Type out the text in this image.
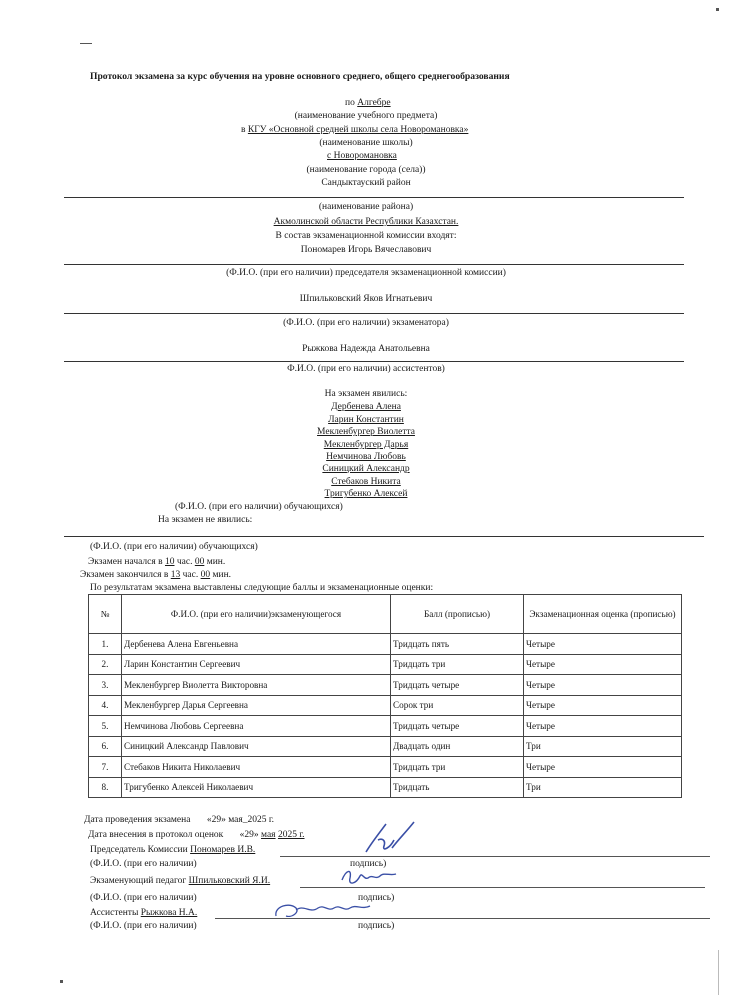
Протокол экзамена за курс обучения на уровне основного среднего, общего среднегообразования
по Алгебре
(наименование учебного предмета)
в КГУ «Основной средней школы села Новоромановка»
(наименование школы)
с Новоромановка
(наименование города (села))
Сандыктауский район
(наименование района)
Акмолинской области Республики Казахстан.
В состав экзаменационной комиссии входят:
Пономарев Игорь Вячеславович
(Ф.И.О. (при его наличии) председателя экзаменационной комиссии)
Шпильковский Яков Игнатьевич
(Ф.И.О. (при его наличии) экзаменатора)
Рыжкова Надежда Анатольевна
Ф.И.О. (при его наличии) ассистентов)
На экзамен явились:
Дербенева Алена
Ларин Константин
Мекленбургер Виолетта
Мекленбургер Дарья
Немчинова Любовь
Синицкий Александр
Стебаков Никита
Тригубенко Алексей
(Ф.И.О. (при его наличии) обучающихся)
На экзамен не явились:
(Ф.И.О. (при его наличии) обучающихся)
Экзамен начался в 10 час. 00 мин.
Экзамен закончился в 13 час. 00 мин.
По результатам экзамена выставлены следующие баллы и экзаменационные оценки:
№	Ф.И.О. (при его наличии)экзаменующегося	Балл (прописью)	Экзаменационная оценка (прописью)
1.	Дербенева Алена Евгеньевна	Тридцать пять	Четыре
2.	Ларин Константин Сергеевич	Тридцать три	Четыре
3.	Мекленбургер Виолетта Викторовна	Тридцать четыре	Четыре
4.	Мекленбургер Дарья Сергеевна	Сорок три	Четыре
5.	Немчинова Любовь Сергеевна	Тридцать четыре	Четыре
6.	Синицкий Александр Павлович	Двадцать один	Три
7.	Стебаков Никита Николаевич	Тридцать три	Четыре
8.	Тригубенко Алексей Николаевич	Тридцать	Три
Дата проведения экзамена «29» мая_2025 г.
Дата внесения в протокол оценок «29» мая 2025 г.
Председатель Комиссии Пономарев И.В.
(Ф.И.О. (при его наличии)	подпись)
Экзаменующий педагог Шпильковский Я.И.
(Ф.И.О. (при его наличии)	подпись)
Ассистенты Рыжкова Н.А.
(Ф.И.О. (при его наличии)	подпись)
